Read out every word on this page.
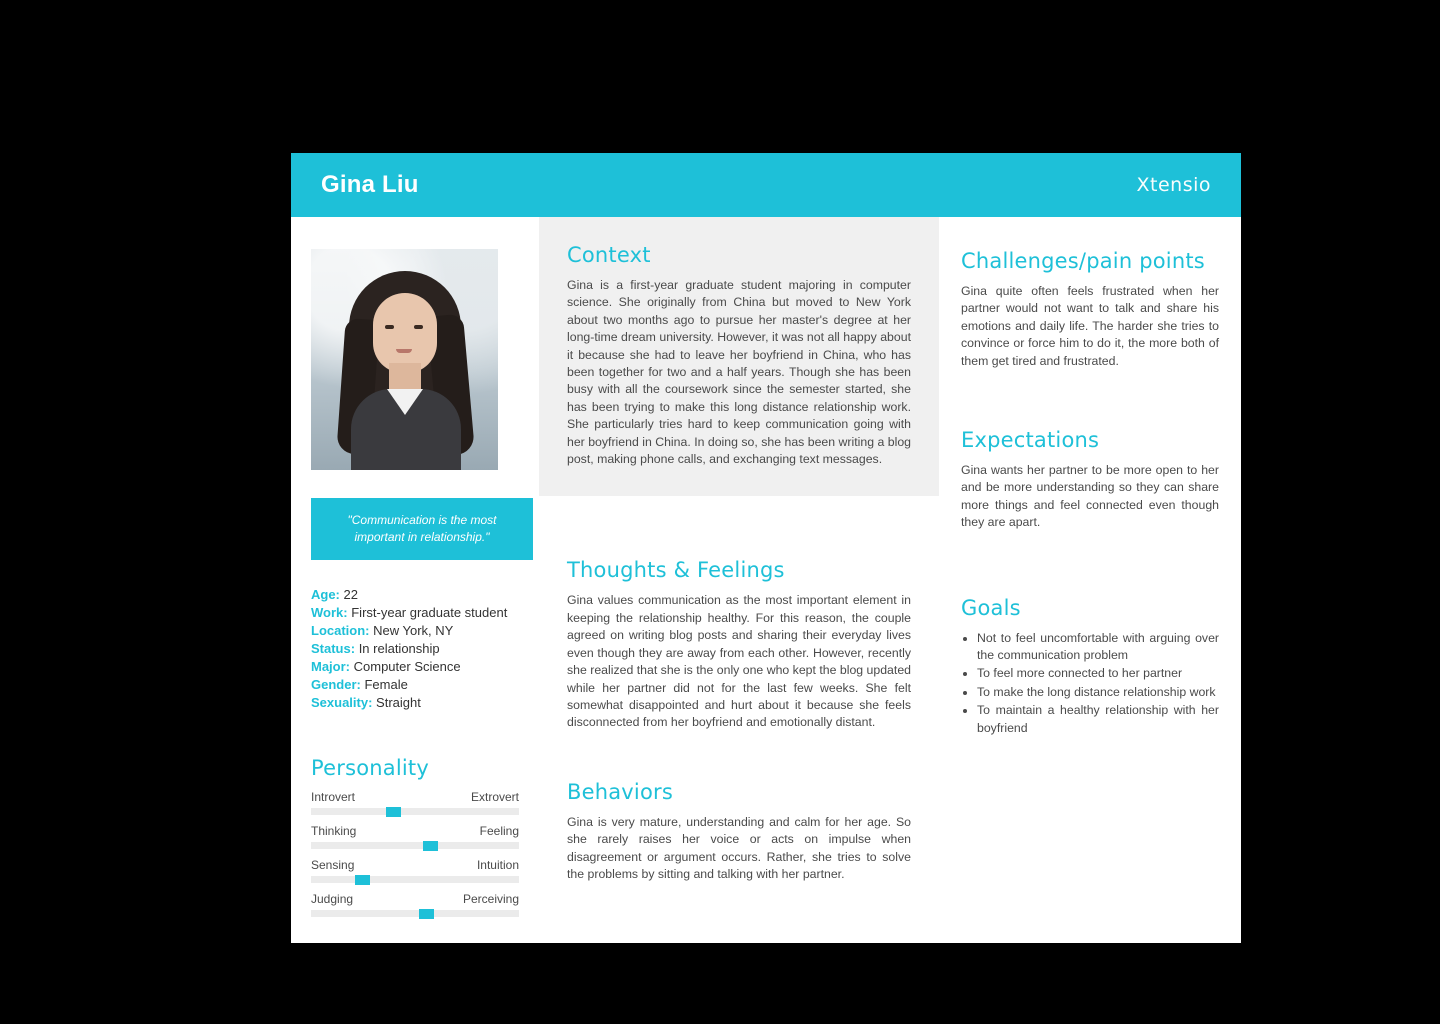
Gina Liu	Xtensio
"Communication is the most important in relationship."
Age: 22
Work: First-year graduate student
Location: New York, NY
Status: In relationship
Major: Computer Science
Gender: Female
Sexuality: Straight
Personality
Introvert	Extrovert
Thinking	Feeling
Sensing	Intuition
Judging	Perceiving
Context

Gina is a first-year graduate student majoring in computer science. She originally from China but moved to New York about two months ago to pursue her master's degree at her long-time dream university. However, it was not all happy about it because she had to leave her boyfriend in China, who has been together for two and a half years. Though she has been busy with all the coursework since the semester started, she has been trying to make this long distance relationship work. She particularly tries hard to keep communication going with her boyfriend in China. In doing so, she has been writing a blog post, making phone calls, and exchanging text messages.

Thoughts & Feelings

Gina values communication as the most important element in keeping the relationship healthy. For this reason, the couple agreed on writing blog posts and sharing their everyday lives even though they are away from each other. However, recently she realized that she is the only one who kept the blog updated while her partner did not for the last few weeks. She felt somewhat disappointed and hurt about it because she feels disconnected from her boyfriend and emotionally distant.

Behaviors

Gina is very mature, understanding and calm for her age. So she rarely raises her voice or acts on impulse when disagreement or argument occurs. Rather, she tries to solve the problems by sitting and talking with her partner.

Challenges/pain points

Gina quite often feels frustrated when her partner would not want to talk and share his emotions and daily life. The harder she tries to convince or force him to do it, the more both of them get tired and frustrated.

Expectations

Gina wants her partner to be more open to her and be more understanding so they can share more things and feel connected even though they are apart.

Goals
• Not to feel uncomfortable with arguing over the communication problem
• To feel more connected to her partner
• To make the long distance relationship work
• To maintain a healthy relationship with her boyfriend
